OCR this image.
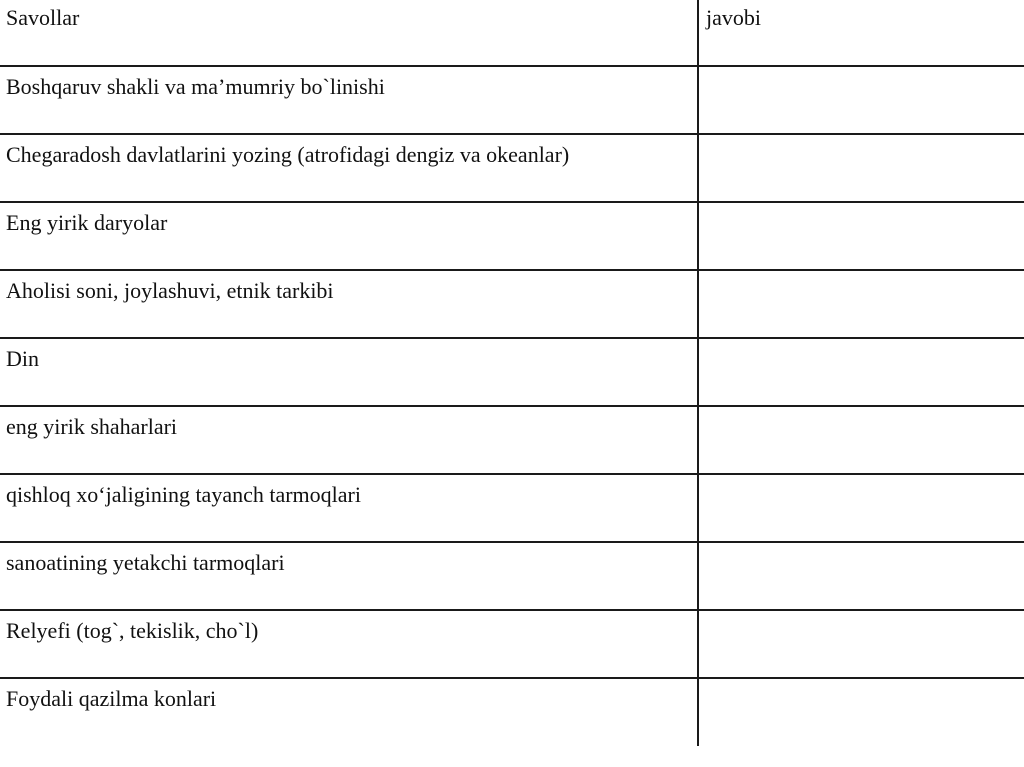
Savollar	javobi

Boshqaruv shakli va ma’mumriy bo`linishi	

Chegaradosh davlatlarini yozing (atrofidagi dengiz va okeanlar)	

Eng yirik daryolar	

Aholisi soni, joylashuvi, etnik tarkibi	

Din	

eng yirik shaharlari	

qishloq xo‘jaligining tayanch tarmoqlari	

sanoatining yetakchi tarmoqlari	

Relyefi (tog`, tekislik, cho`l)	

Foydali qazilma konlari	
